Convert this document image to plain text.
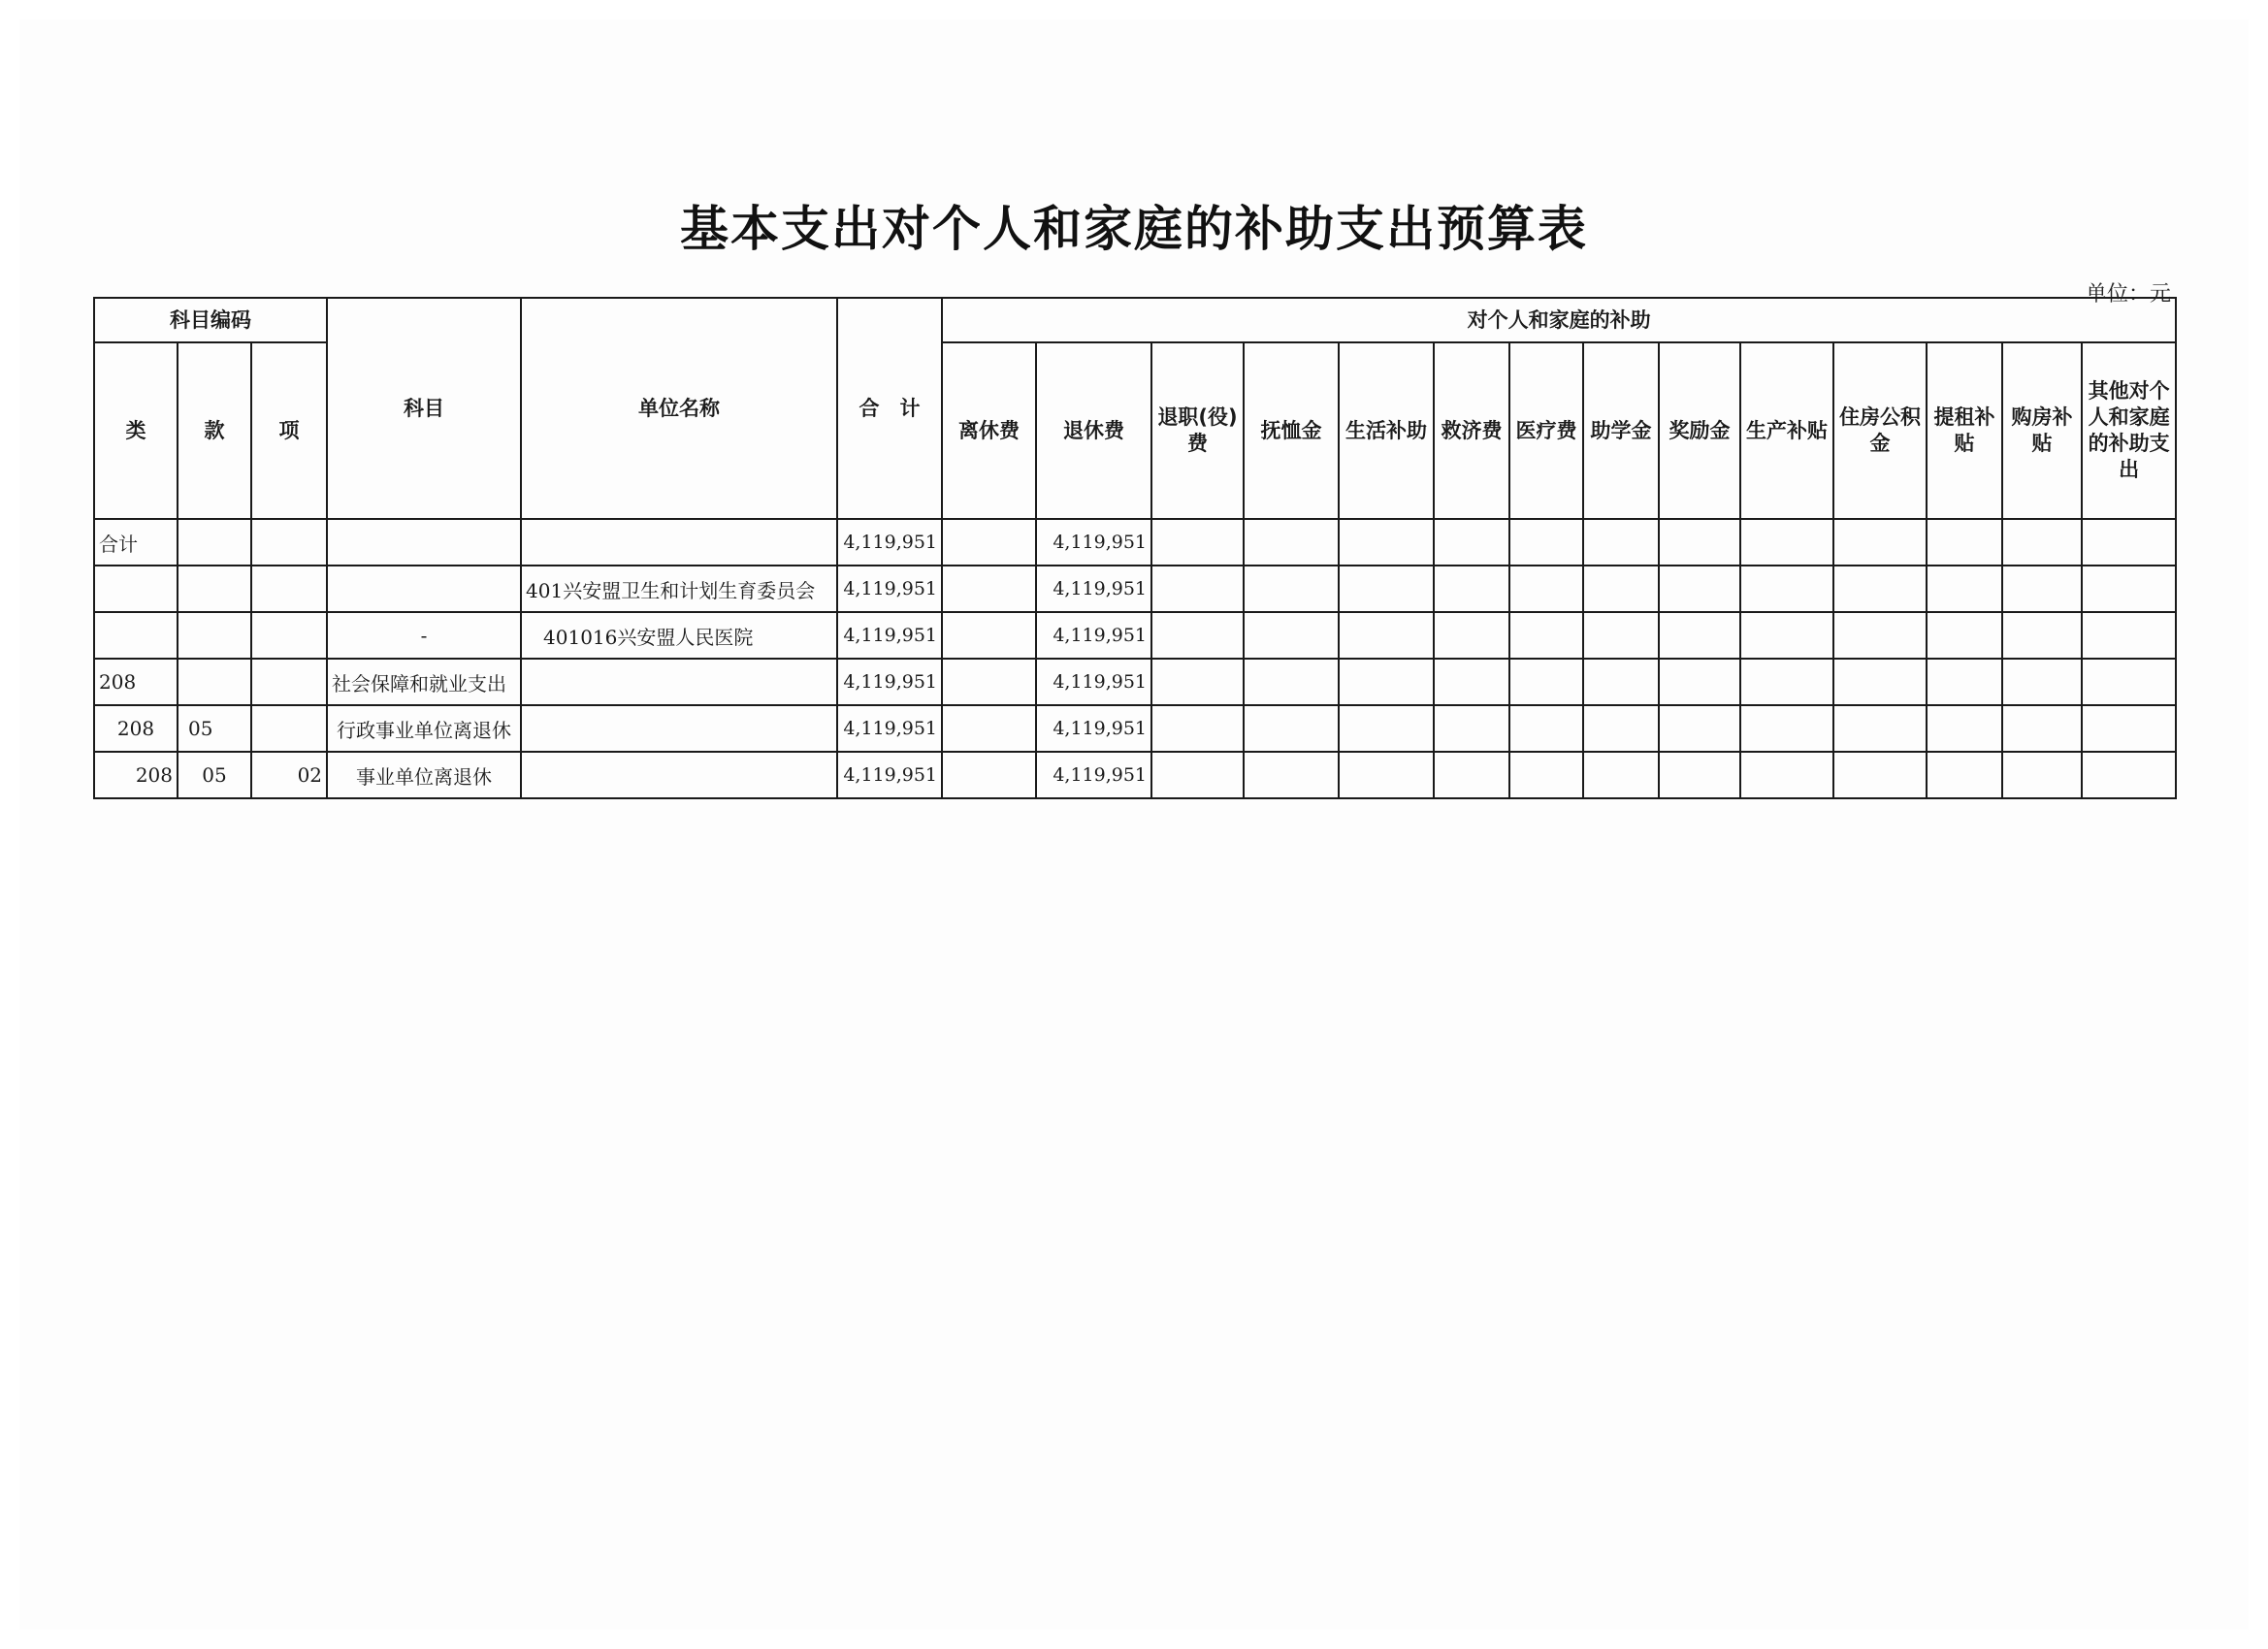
基本支出对个人和家庭的补助支出预算表
单位：元
科目编码			科目	单位名称	合　计	对个人和家庭的补助													
类	款	项				离休费	退休费	退职(役)费	抚恤金	生活补助	救济费	医疗费	助学金	奖励金	生产补贴	住房公积金	提租补贴	购房补贴	其他对个人和家庭的补助支出
合计					4,119,951		4,119,951												
				401兴安盟卫生和计划生育委员会	4,119,951		4,119,951												
			-	401016兴安盟人民医院	4,119,951		4,119,951												
208			社会保障和就业支出		4,119,951		4,119,951												
208	05		行政事业单位离退休		4,119,951		4,119,951												
208	05	02	事业单位离退休		4,119,951		4,119,951												
